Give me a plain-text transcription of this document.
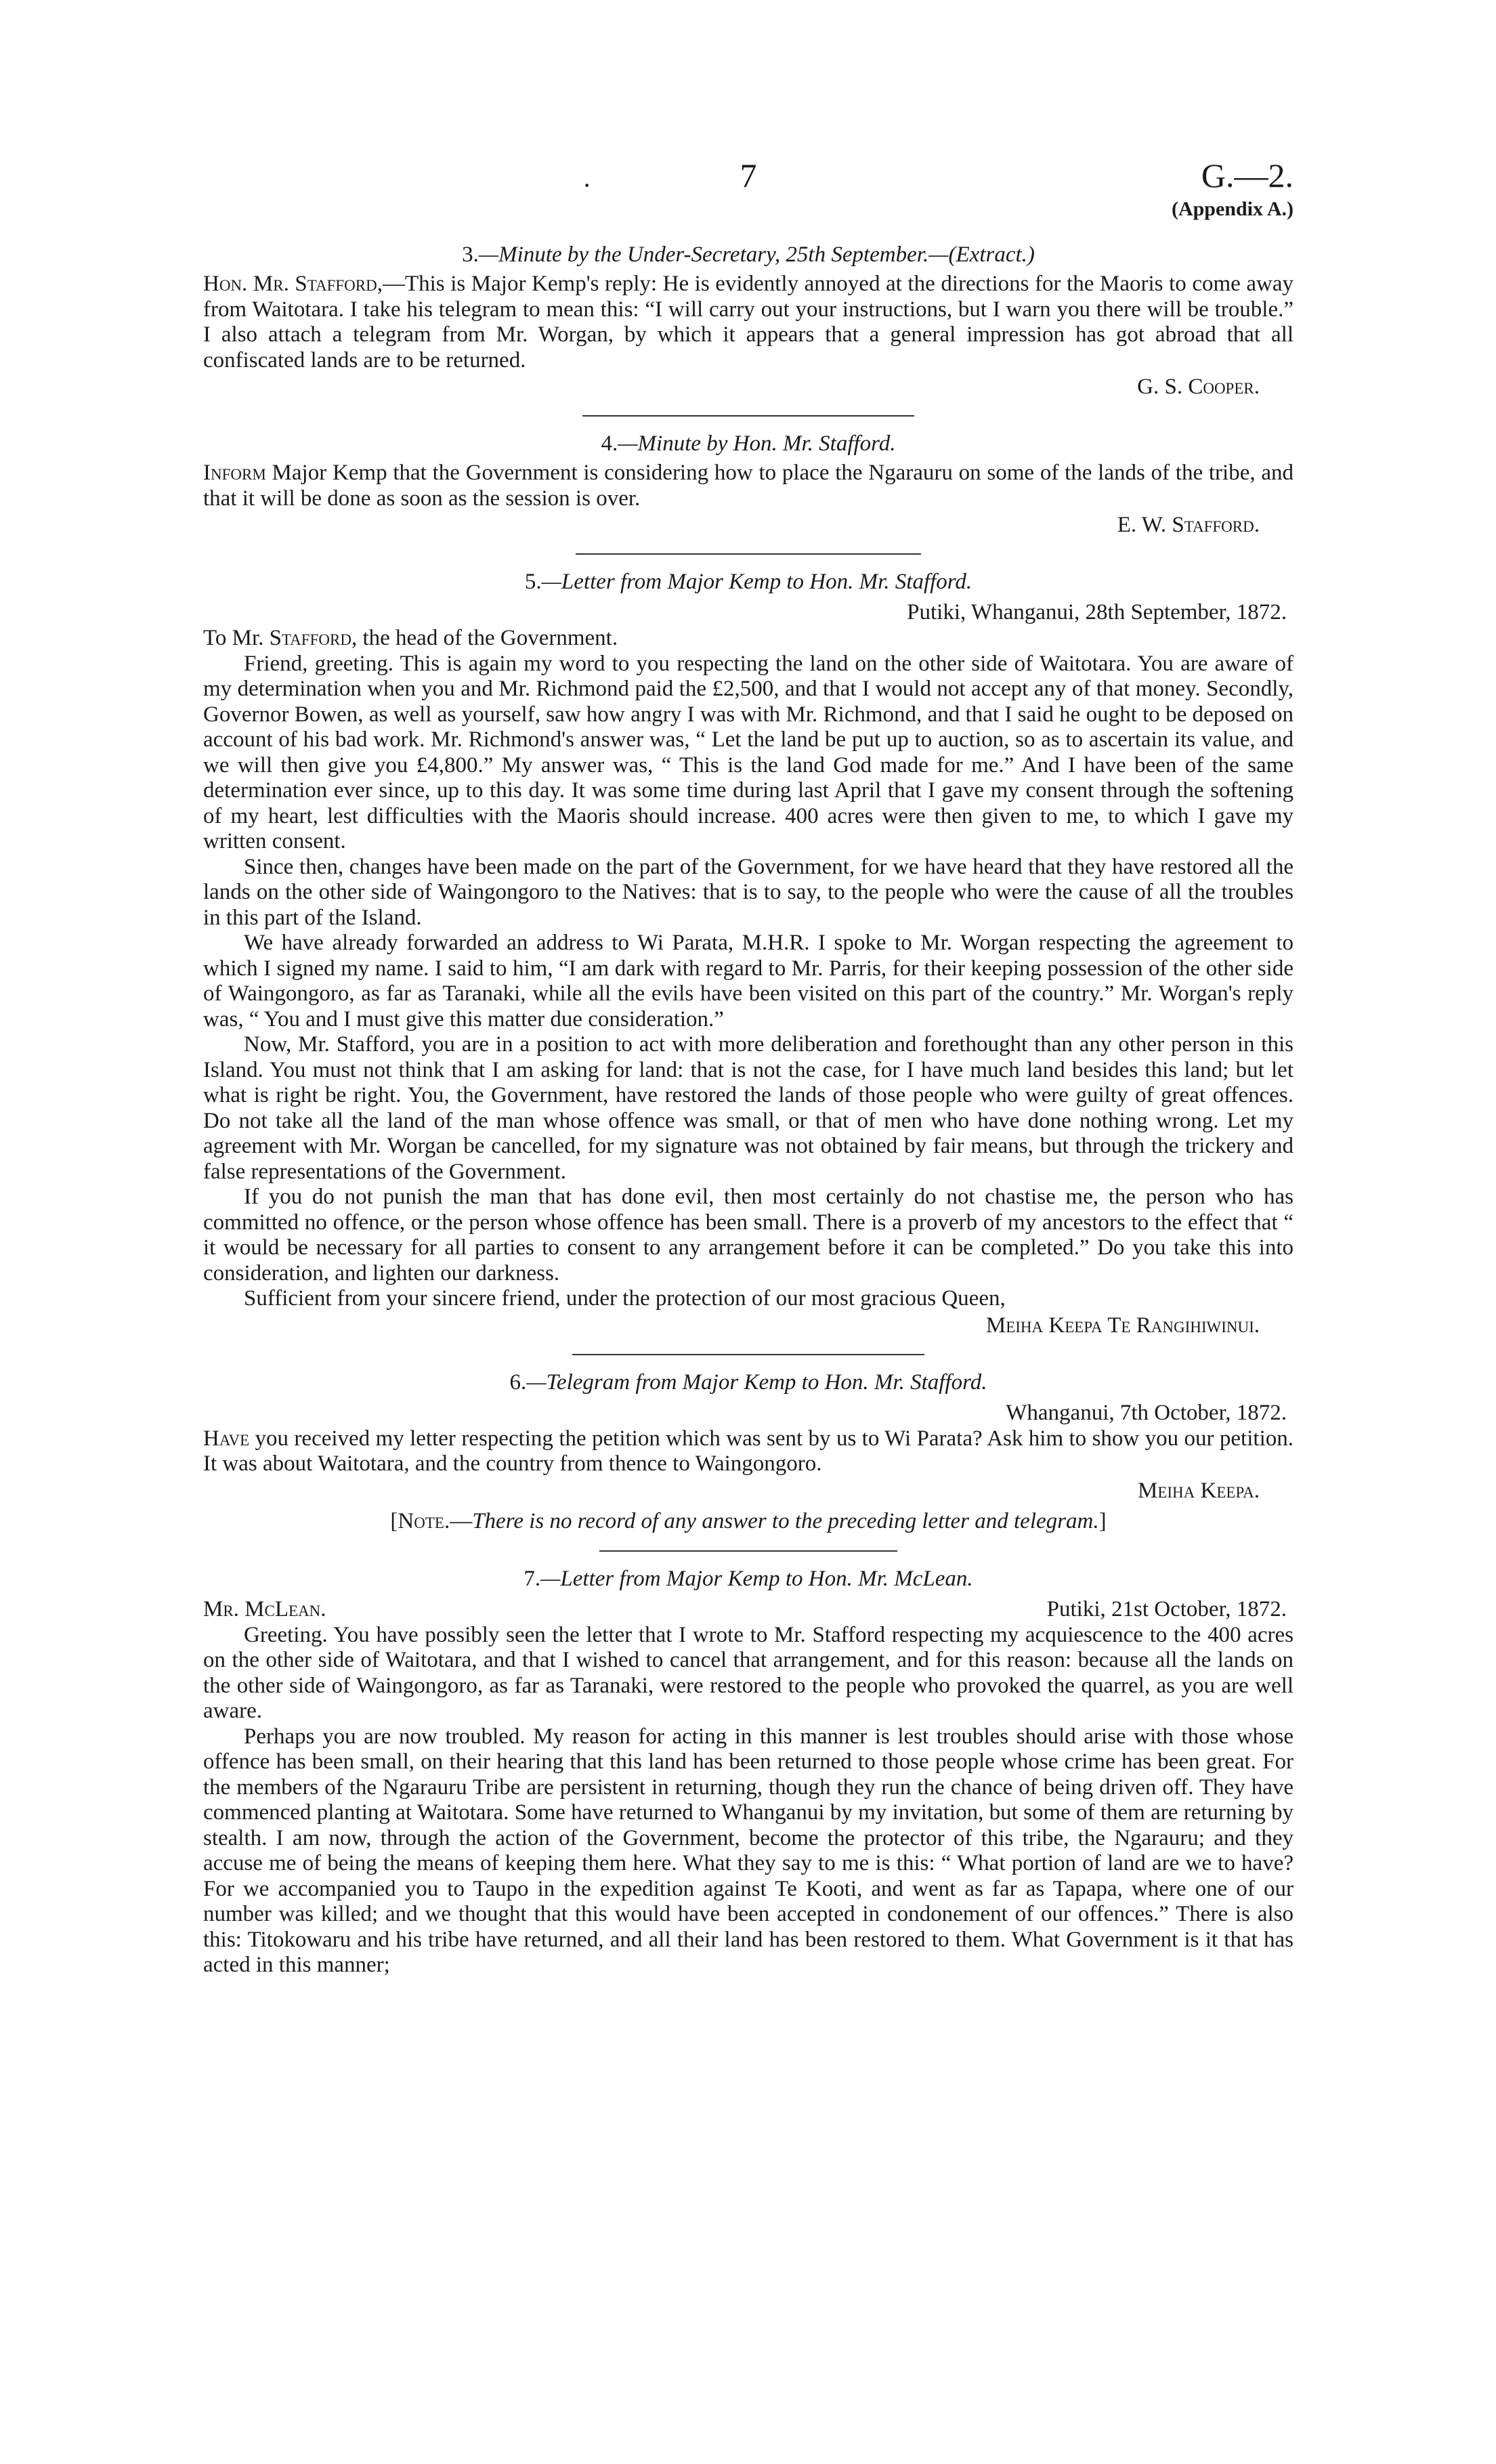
·	7	G.—2.
(Appendix A.)
3.—Minute by the Under-Secretary, 25th September.—(Extract.)

Hon. Mr. Stafford,—This is Major Kemp's reply: He is evidently annoyed at the directions for the Maoris to come away from Waitotara. I take his telegram to mean this: “I will carry out your instructions, but I warn you there will be trouble.” I also attach a telegram from Mr. Worgan, by which it appears that a general impression has got abroad that all confiscated lands are to be returned.

G. S. Cooper.

4.—Minute by Hon. Mr. Stafford.

Inform Major Kemp that the Government is considering how to place the Ngarauru on some of the lands of the tribe, and that it will be done as soon as the session is over.

E. W. Stafford.

5.—Letter from Major Kemp to Hon. Mr. Stafford.

Putiki, Whanganui, 28th September, 1872.

To Mr. Stafford, the head of the Government.

Friend, greeting. This is again my word to you respecting the land on the other side of Waitotara. You are aware of my determination when you and Mr. Richmond paid the £2,500, and that I would not accept any of that money. Secondly, Governor Bowen, as well as yourself, saw how angry I was with Mr. Richmond, and that I said he ought to be deposed on account of his bad work. Mr. Richmond's answer was, “ Let the land be put up to auction, so as to ascertain its value, and we will then give you £4,800.” My answer was, “ This is the land God made for me.” And I have been of the same determination ever since, up to this day. It was some time during last April that I gave my consent through the softening of my heart, lest difficulties with the Maoris should increase. 400 acres were then given to me, to which I gave my written consent.

Since then, changes have been made on the part of the Government, for we have heard that they have restored all the lands on the other side of Waingongoro to the Natives: that is to say, to the people who were the cause of all the troubles in this part of the Island.

We have already forwarded an address to Wi Parata, M.H.R. I spoke to Mr. Worgan respecting the agreement to which I signed my name. I said to him, “I am dark with regard to Mr. Parris, for their keeping possession of the other side of Waingongoro, as far as Taranaki, while all the evils have been visited on this part of the country.” Mr. Worgan's reply was, “ You and I must give this matter due consideration.”

Now, Mr. Stafford, you are in a position to act with more deliberation and forethought than any other person in this Island. You must not think that I am asking for land: that is not the case, for I have much land besides this land; but let what is right be right. You, the Government, have restored the lands of those people who were guilty of great offences. Do not take all the land of the man whose offence was small, or that of men who have done nothing wrong. Let my agreement with Mr. Worgan be cancelled, for my signature was not obtained by fair means, but through the trickery and false representations of the Government.

If you do not punish the man that has done evil, then most certainly do not chastise me, the person who has committed no offence, or the person whose offence has been small. There is a proverb of my ancestors to the effect that “ it would be necessary for all parties to consent to any arrangement before it can be completed.” Do you take this into consideration, and lighten our darkness.

Sufficient from your sincere friend, under the protection of our most gracious Queen,

Meiha Keepa Te Rangihiwinui.

6.—Telegram from Major Kemp to Hon. Mr. Stafford.

Whanganui, 7th October, 1872.

Have you received my letter respecting the petition which was sent by us to Wi Parata? Ask him to show you our petition. It was about Waitotara, and the country from thence to Waingongoro.

Meiha Keepa.

[Note.—There is no record of any answer to the preceding letter and telegram.]

7.—Letter from Major Kemp to Hon. Mr. McLean.
Mr. McLean.	Putiki, 21st October, 1872.

Greeting. You have possibly seen the letter that I wrote to Mr. Stafford respecting my acquiescence to the 400 acres on the other side of Waitotara, and that I wished to cancel that arrangement, and for this reason: because all the lands on the other side of Waingongoro, as far as Taranaki, were restored to the people who provoked the quarrel, as you are well aware.

Perhaps you are now troubled. My reason for acting in this manner is lest troubles should arise with those whose offence has been small, on their hearing that this land has been returned to those people whose crime has been great. For the members of the Ngarauru Tribe are persistent in returning, though they run the chance of being driven off. They have commenced planting at Waitotara. Some have returned to Whanganui by my invitation, but some of them are returning by stealth. I am now, through the action of the Government, become the protector of this tribe, the Ngarauru; and they accuse me of being the means of keeping them here. What they say to me is this: “ What portion of land are we to have? For we accompanied you to Taupo in the expedition against Te Kooti, and went as far as Tapapa, where one of our number was killed; and we thought that this would have been accepted in condonement of our offences.” There is also this: Titokowaru and his tribe have returned, and all their land has been restored to them. What Government is it that has acted in this manner;
